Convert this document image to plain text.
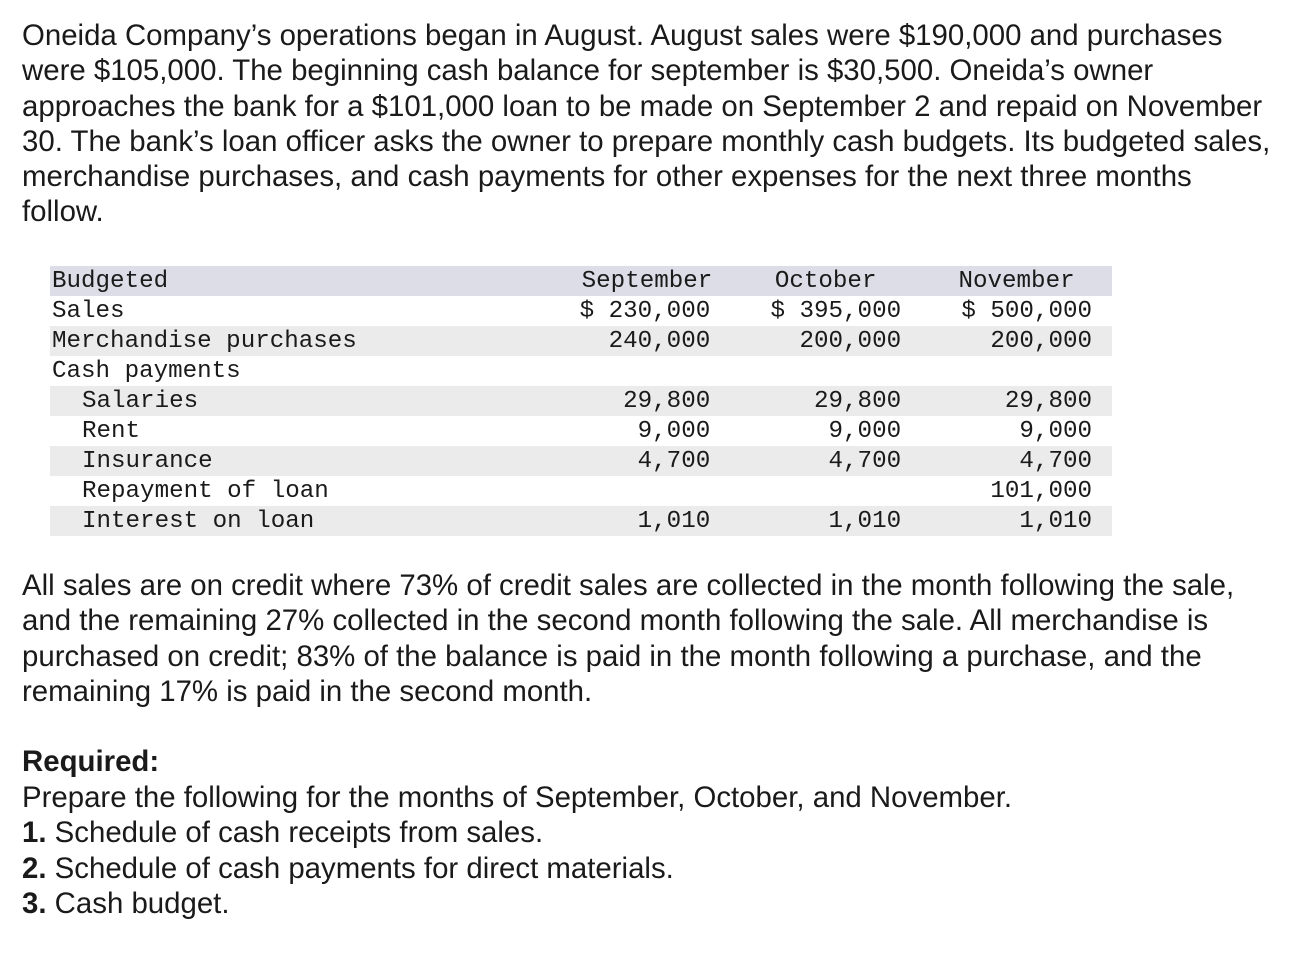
Oneida Company’s operations began in August. August sales were $190,000 and purchases were $105,000. The beginning cash balance for september is $30,500. Oneida’s owner approaches the bank for a $101,000 loan to be made on September 2 and repaid on November 30. The bank’s loan officer asks the owner to prepare monthly cash budgets. Its budgeted sales, merchandise purchases, and cash payments for other expenses for the next three months follow.

Budgeted	September	October	November
Sales	$ 230,000	$ 395,000	$ 500,000
Merchandise purchases	240,000	200,000	200,000
Cash payments			
Salaries	29,800	29,800	29,800
Rent	9,000	9,000	9,000
Insurance	4,700	4,700	4,700
Repayment of loan			101,000
Interest on loan	1,010	1,010	1,010

All sales are on credit where 73% of credit sales are collected in the month following the sale, and the remaining 27% collected in the second month following the sale. All merchandise is purchased on credit; 83% of the balance is paid in the month following a purchase, and the remaining 17% is paid in the second month.

Required:

Prepare the following for the months of September, October, and November.

1. Schedule of cash receipts from sales.

2. Schedule of cash payments for direct materials.

3. Cash budget.
